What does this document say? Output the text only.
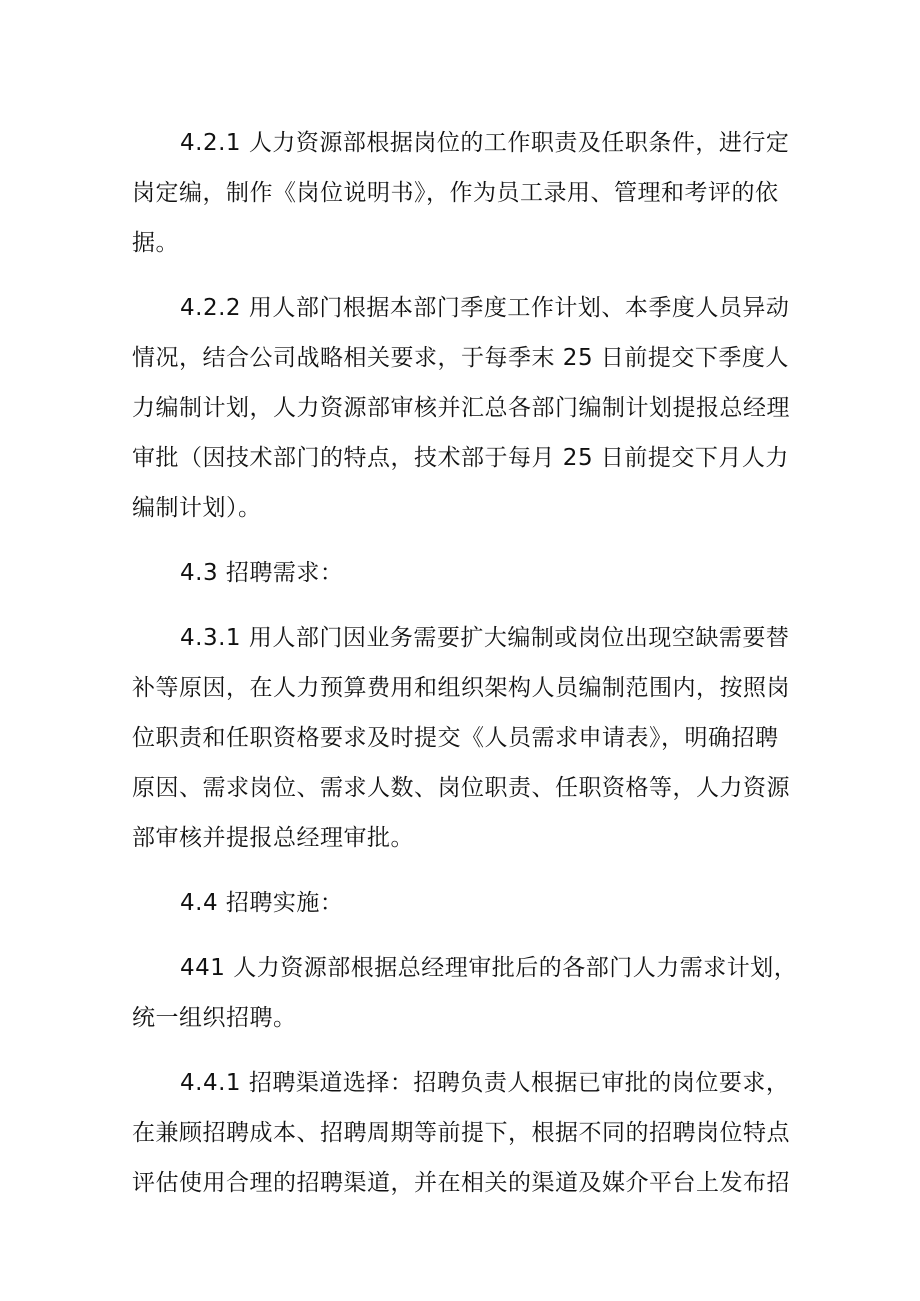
4.2.1 人力资源部根据岗位的工作职责及任职条件，进行定
岗定编，制作《岗位说明书》，作为员工录用、管理和考评的依
据。
4.2.2 用人部门根据本部门季度工作计划、本季度人员异动
情况，结合公司战略相关要求，于每季末 25 日前提交下季度人
力编制计划，人力资源部审核并汇总各部门编制计划提报总经理
审批（因技术部门的特点，技术部于每月 25 日前提交下月人力
编制计划）。
4.3 招聘需求：
4.3.1 用人部门因业务需要扩大编制或岗位出现空缺需要替
补等原因，在人力预算费用和组织架构人员编制范围内，按照岗
位职责和任职资格要求及时提交《人员需求申请表》，明确招聘
原因、需求岗位、需求人数、岗位职责、任职资格等，人力资源
部审核并提报总经理审批。
4.4 招聘实施：
441 人力资源部根据总经理审批后的各部门人力需求计划，
统一组织招聘。
4.4.1 招聘渠道选择：招聘负责人根据已审批的岗位要求，
在兼顾招聘成本、招聘周期等前提下，根据不同的招聘岗位特点
评估使用合理的招聘渠道，并在相关的渠道及媒介平台上发布招
